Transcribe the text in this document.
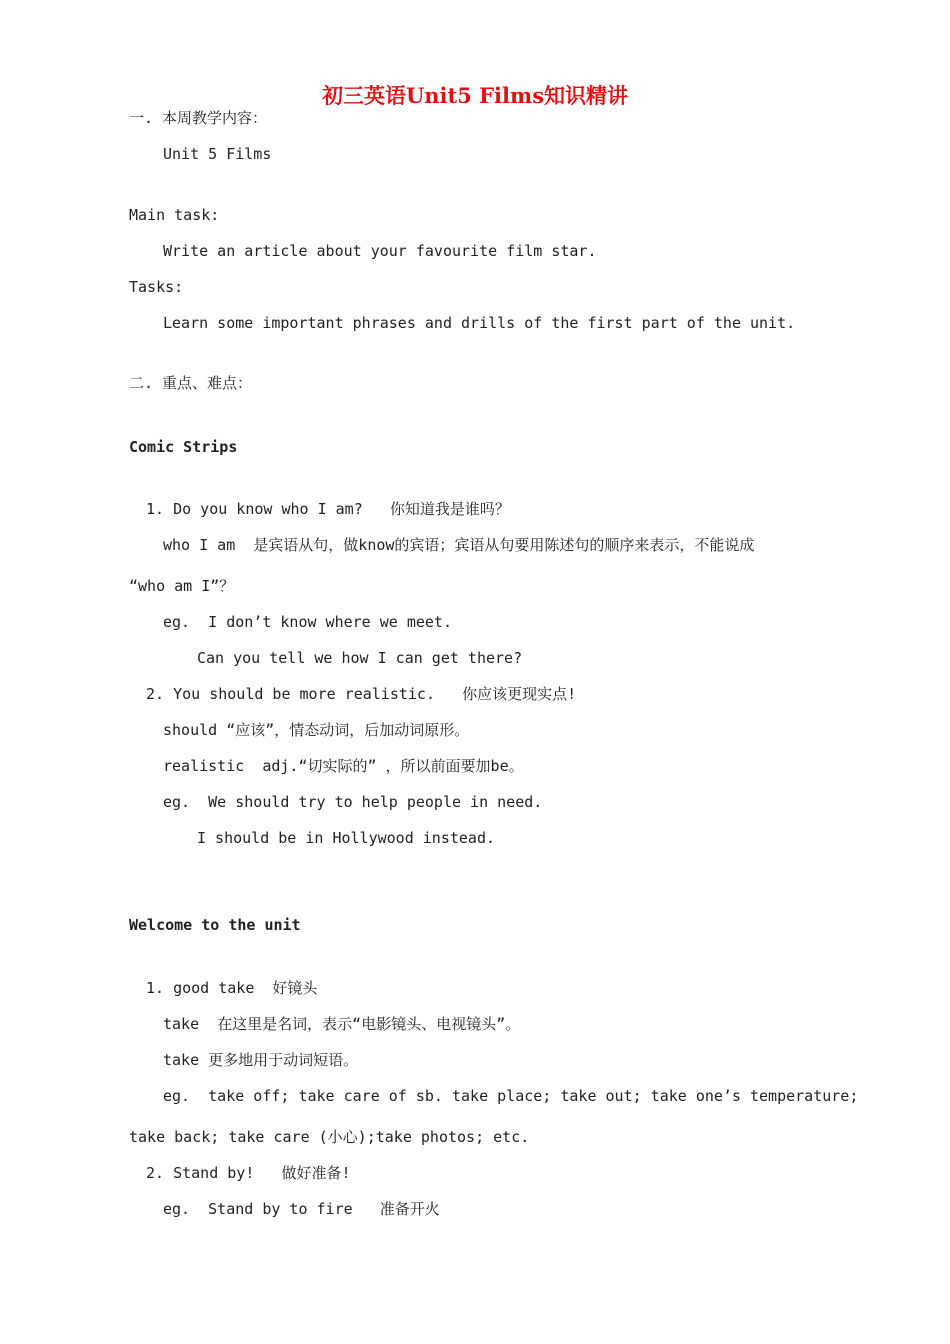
初三英语Unit5 Films知识精讲
一. 本周教学内容：
Unit 5 Films
Main task:
Write an article about your favourite film star.
Tasks:
Learn some important phrases and drills of the first part of the unit.
二. 重点、难点：
Comic Strips
1. Do you know who I am?   你知道我是谁吗？
who I am  是宾语从句，做know的宾语；宾语从句要用陈述句的顺序来表示，不能说成
“who am I”？
eg.  I don’t know where we meet.
Can you tell we how I can get there?
2. You should be more realistic.   你应该更现实点!
should “应该”，情态动词，后加动词原形。
realistic  adj.“切实际的” ，所以前面要加be。
eg.  We should try to help people in need.
I should be in Hollywood instead.
Welcome to the unit
1. good take  好镜头
take  在这里是名词，表示“电影镜头、电视镜头”。
take 更多地用于动词短语。
eg.  take off; take care of sb. take place; take out; take one’s temperature;
take back; take care (小心);take photos; etc.
2. Stand by!   做好准备!
eg.  Stand by to fire   准备开火
